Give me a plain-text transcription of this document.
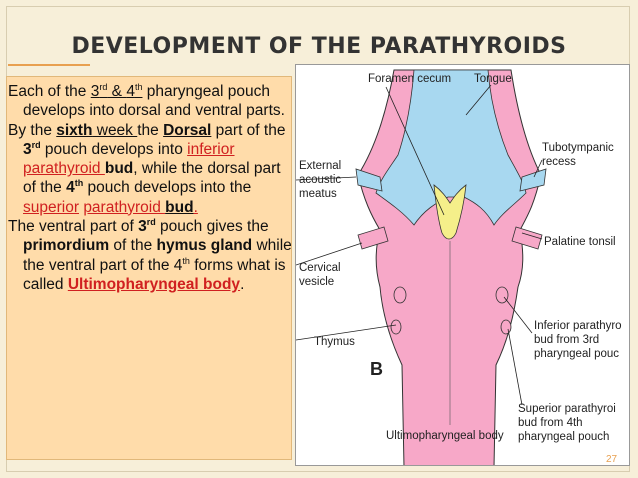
DEVELOPMENT OF THE PARATHYROIDS

Each of the 3rd & 4th pharyngeal pouch develops into dorsal and ventral parts.

By the sixth week the Dorsal part of the 3rd pouch develops into inferior parathyroid bud, while the dorsal part of the 4th pouch develops into the superior parathyroid bud.

The ventral part of 3rd pouch gives the primordium of the hymus gland while the ventral part of the 4th forms what is called Ultimopharyngeal body.

Foramen cecum Tongue
Tubotympanic
recess
External
acoustic
meatus
Palatine tonsil
Cervical
vesicle
Thymus
Inferior parathyro
bud from 3rd
pharyngeal pouc
Superior parathyroi
bud from 4th
pharyngeal pouch
Ultimopharyngeal body
B
27
